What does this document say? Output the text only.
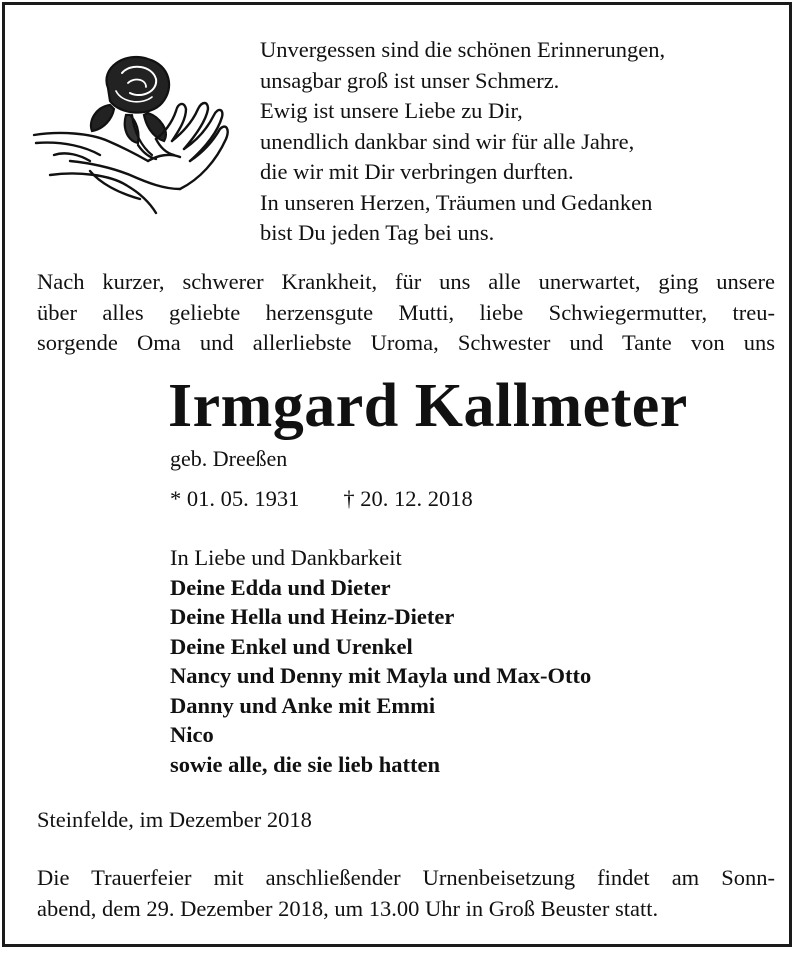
Unvergessen sind die schönen Erinnerungen,
unsagbar groß ist unser Schmerz.
Ewig ist unsere Liebe zu Dir,
unendlich dankbar sind wir für alle Jahre,
die wir mit Dir verbringen durften.
In unseren Herzen, Träumen und Gedanken
bist Du jeden Tag bei uns.
Nach kurzer, schwerer Krankheit, für uns alle unerwartet, ging unsere
über alles geliebte herzensgute Mutti, liebe Schwiegermutter, treu-
sorgende Oma und allerliebste Uroma, Schwester und Tante von uns
Irmgard Kallmeter
geb. Dreeßen
* 01. 05. 1931 † 20. 12. 2018
In Liebe und Dankbarkeit
Deine Edda und Dieter
Deine Hella und Heinz-Dieter
Deine Enkel und Urenkel
Nancy und Denny mit Mayla und Max-Otto
Danny und Anke mit Emmi
Nico
sowie alle, die sie lieb hatten
Steinfelde, im Dezember 2018
Die Trauerfeier mit anschließender Urnenbeisetzung findet am Sonn-
abend, dem 29. Dezember 2018, um 13.00 Uhr in Groß Beuster statt.
